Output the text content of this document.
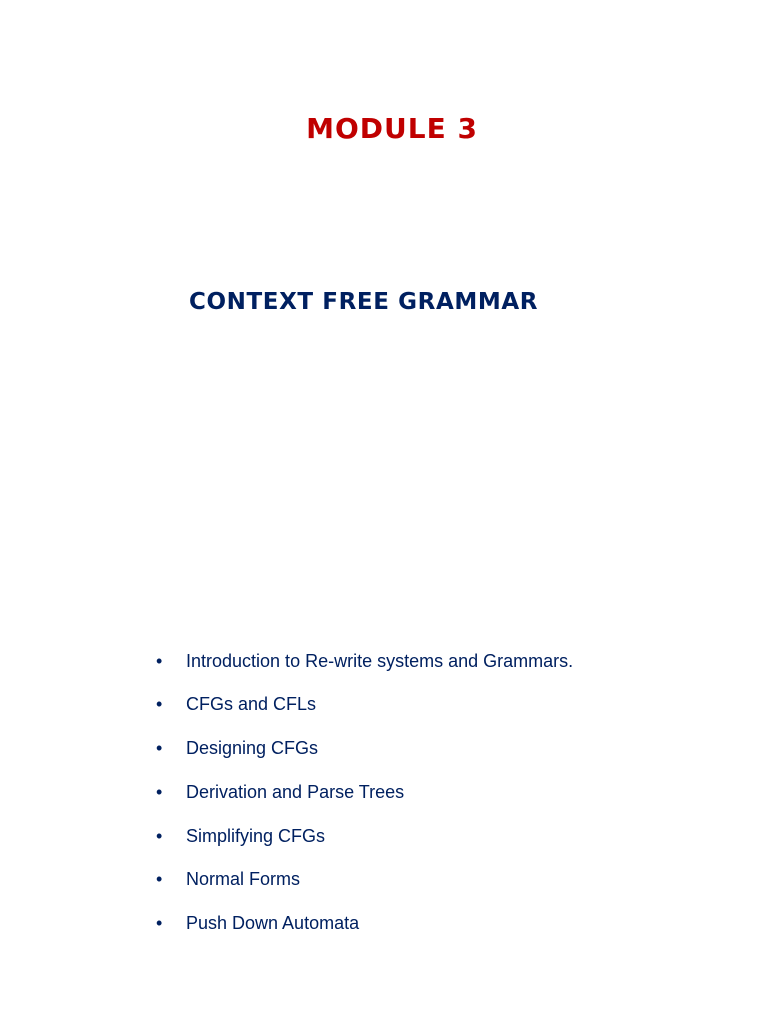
MODULE 3
CONTEXT FREE GRAMMAR
• Introduction to Re-write systems and Grammars.
• CFGs and CFLs
• Designing CFGs
• Derivation and Parse Trees
• Simplifying CFGs
• Normal Forms
• Push Down Automata
